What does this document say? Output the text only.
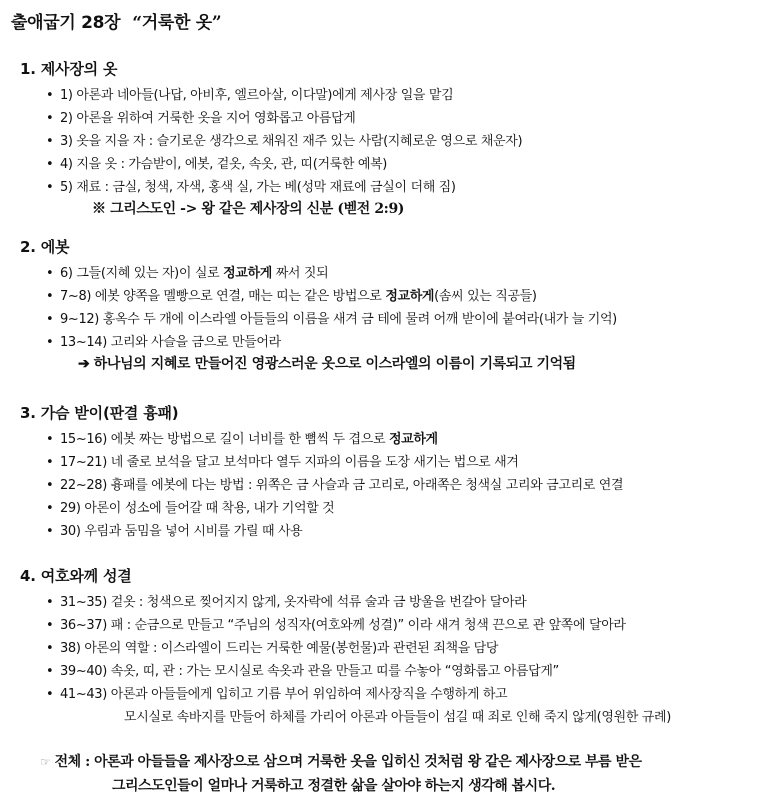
출애굽기 28장 “거룩한 옷”
1. 제사장의 옷
• 1) 아론과 네아들(나답, 아비후, 엘르아살, 이다말)에게 제사장 일을 맡김
• 2) 아론을 위하여 거룩한 옷을 지어 영화롭고 아름답게
• 3) 옷을 지을 자 : 슬기로운 생각으로 채워진 재주 있는 사람(지혜로운 영으로 채운자)
• 4) 지을 옷 : 가슴받이, 에봇, 겉옷, 속옷, 관, 띠(거룩한 예복)
• 5) 재료 : 금실, 청색, 자색, 홍색 실, 가는 베(성막 재료에 금실이 더해 짐)
※ 그리스도인 -> 왕 같은 제사장의 신분 (벧전 2:9)
2. 에봇
• 6) 그들(지혜 있는 자)이 실로 정교하게 짜서 짓되
• 7~8) 에봇 양쪽을 멜빵으로 연결, 매는 띠는 같은 방법으로 정교하게(솜씨 있는 직공들)
• 9~12) 홍옥수 두 개에 이스라엘 아들들의 이름을 새겨 금 테에 물려 어깨 받이에 붙여라(내가 늘 기억)
• 13~14) 고리와 사슬을 금으로 만들어라
➔ 하나님의 지혜로 만들어진 영광스러운 옷으로 이스라엘의 이름이 기록되고 기억됨
3. 가슴 받이(판결 흉패)
• 15~16) 에봇 짜는 방법으로 길이 너비를 한 뼘씩 두 겹으로 정교하게
• 17~21) 네 줄로 보석을 달고 보석마다 열두 지파의 이름을 도장 새기는 법으로 새겨
• 22~28) 흉패를 에봇에 다는 방법 : 위쪽은 금 사슬과 금 고리로, 아래쪽은 청색실 고리와 금고리로 연결
• 29) 아론이 성소에 들어갈 때 착용, 내가 기억할 것
• 30) 우림과 둠밈을 넣어 시비를 가릴 때 사용
4. 여호와께 성결
• 31~35) 겉옷 : 청색으로 찢어지지 않게, 옷자락에 석류 술과 금 방울을 번갈아 달아라
• 36~37) 패 : 순금으로 만들고 “주님의 성직자(여호와께 성결)” 이라 새겨 청색 끈으로 관 앞쪽에 달아라
• 38) 아론의 역할 : 이스라엘이 드리는 거룩한 예물(봉헌물)과 관련된 죄책을 담당
• 39~40) 속옷, 띠, 관 : 가는 모시실로 속옷과 관을 만들고 띠를 수놓아 “영화롭고 아름답게”
• 41~43) 아론과 아들들에게 입히고 기름 부어 위임하여 제사장직을 수행하게 하고
모시실로 속바지를 만들어 하체를 가리어 아론과 아들들이 섬길 때 죄로 인해 죽지 않게(영원한 규례)
☞ 전체 : 아론과 아들들을 제사장으로 삼으며 거룩한 옷을 입히신 것처럼 왕 같은 제사장으로 부름 받은
그리스도인들이 얼마나 거룩하고 정결한 삶을 살아야 하는지 생각해 봅시다.
